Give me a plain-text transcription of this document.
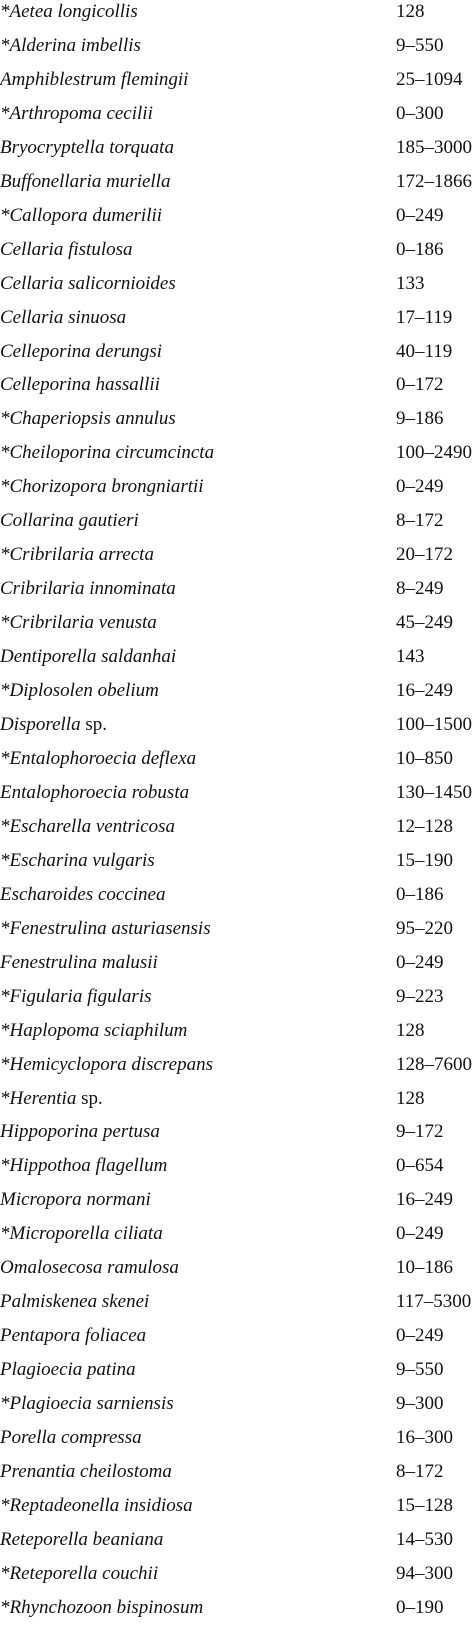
*Aetea longicollis	128
*Alderina imbellis	9–550
Amphiblestrum flemingii	25–1094
*Arthropoma cecilii	0–300
Bryocryptella torquata	185–3000
Buffonellaria muriella	172–1866
*Callopora dumerilii	0–249
Cellaria fistulosa	0–186
Cellaria salicornioides	133
Cellaria sinuosa	17–119
Celleporina derungsi	40–119
Celleporina hassallii	0–172
*Chaperiopsis annulus	9–186
*Cheiloporina circumcincta	100–2490
*Chorizopora brongniartii	0–249
Collarina gautieri	8–172
*Cribrilaria arrecta	20–172
Cribrilaria innominata	8–249
*Cribrilaria venusta	45–249
Dentiporella saldanhai	143
*Diplosolen obelium	16–249
Disporella sp.	100–1500
*Entalophoroecia deflexa	10–850
Entalophoroecia robusta	130–1450
*Escharella ventricosa	12–128
*Escharina vulgaris	15–190
Escharoides coccinea	0–186
*Fenestrulina asturiasensis	95–220
Fenestrulina malusii	0–249
*Figularia figularis	9–223
*Haplopoma sciaphilum	128
*Hemicyclopora discrepans	128–7600
*Herentia sp.	128
Hippoporina pertusa	9–172
*Hippothoa flagellum	0–654
Micropora normani	16–249
*Microporella ciliata	0–249
Omalosecosa ramulosa	10–186
Palmiskenea skenei	117–5300
Pentapora foliacea	0–249
Plagioecia patina	9–550
*Plagioecia sarniensis	9–300
Porella compressa	16–300
Prenantia cheilostoma	8–172
*Reptadeonella insidiosa	15–128
Reteporella beaniana	14–530
*Reteporella couchii	94–300
*Rhynchozoon bispinosum	0–190
